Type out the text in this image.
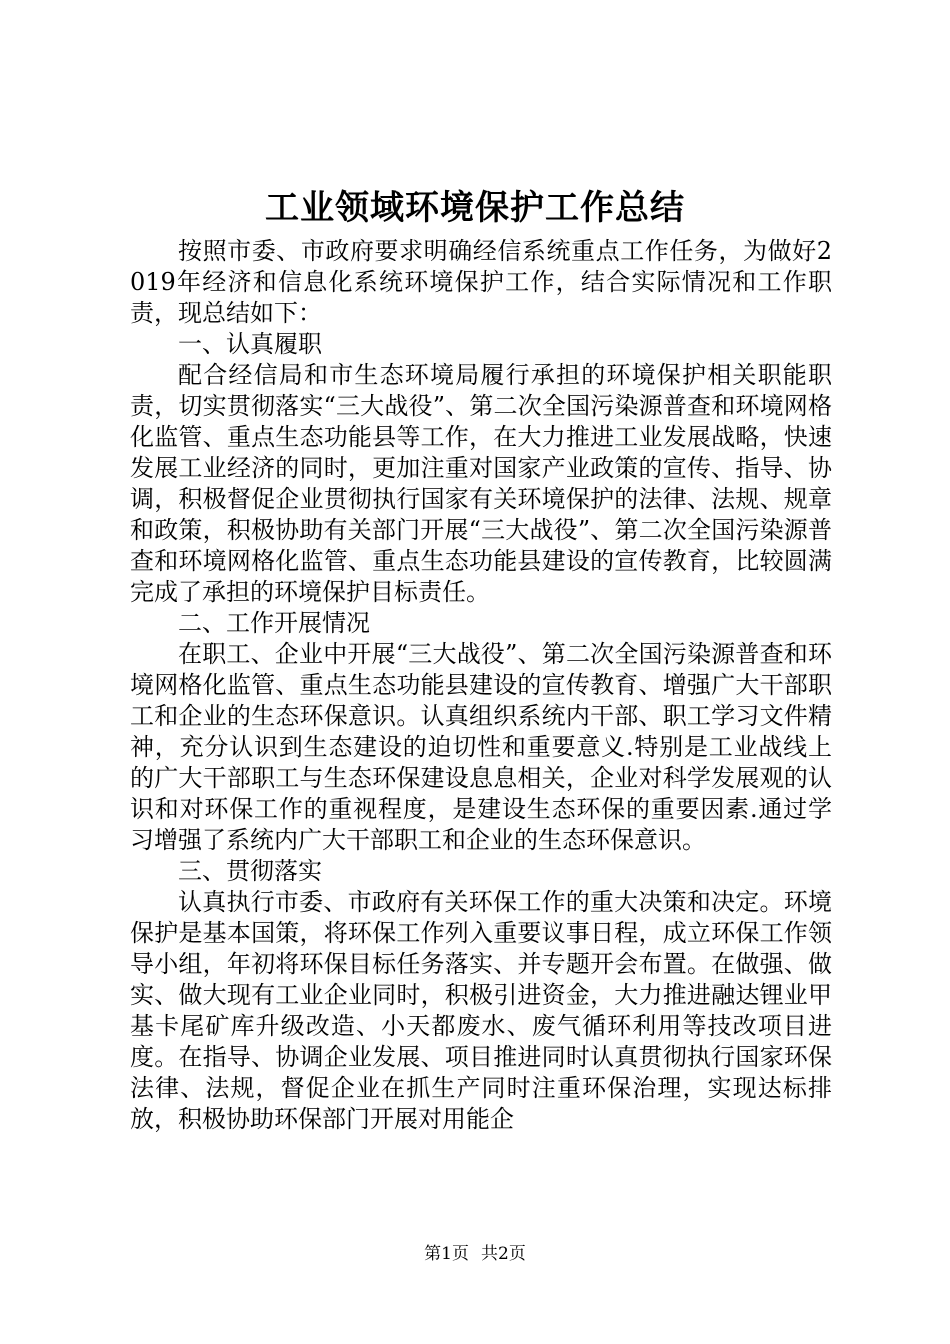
工业领域环境保护工作总结

按照市委、市政府要求明确经信系统重点工作任务，为做好2019年经济和信息化系统环境保护工作，结合实际情况和工作职责，现总结如下：

一、认真履职

配合经信局和市生态环境局履行承担的环境保护相关职能职责，切实贯彻落实“三大战役”、第二次全国污染源普查和环境网格化监管、重点生态功能县等工作，在大力推进工业发展战略，快速发展工业经济的同时，更加注重对国家产业政策的宣传、指导、协调，积极督促企业贯彻执行国家有关环境保护的法律、法规、规章和政策，积极协助有关部门开展“三大战役”、第二次全国污染源普查和环境网格化监管、重点生态功能县建设的宣传教育，比较圆满完成了承担的环境保护目标责任。

二、工作开展情况

在职工、企业中开展“三大战役”、第二次全国污染源普查和环境网格化监管、重点生态功能县建设的宣传教育、增强广大干部职工和企业的生态环保意识。认真组织系统内干部、职工学习文件精神，充分认识到生态建设的迫切性和重要意义.特别是工业战线上的广大干部职工与生态环保建设息息相关，企业对科学发展观的认识和对环保工作的重视程度，是建设生态环保的重要因素.通过学习增强了系统内广大干部职工和企业的生态环保意识。

三、贯彻落实

认真执行市委、市政府有关环保工作的重大决策和决定。环境保护是基本国策，将环保工作列入重要议事日程，成立环保工作领导小组，年初将环保目标任务落实、并专题开会布置。在做强、做实、做大现有工业企业同时，积极引进资金，大力推进融达锂业甲基卡尾矿库升级改造、小天都废水、废气循环利用等技改项目进度。在指导、协调企业发展、项目推进同时认真贯彻执行国家环保法律、法规，督促企业在抓生产同时注重环保治理，实现达标排放，积极协助环保部门开展对用能企

第1页 共2页
